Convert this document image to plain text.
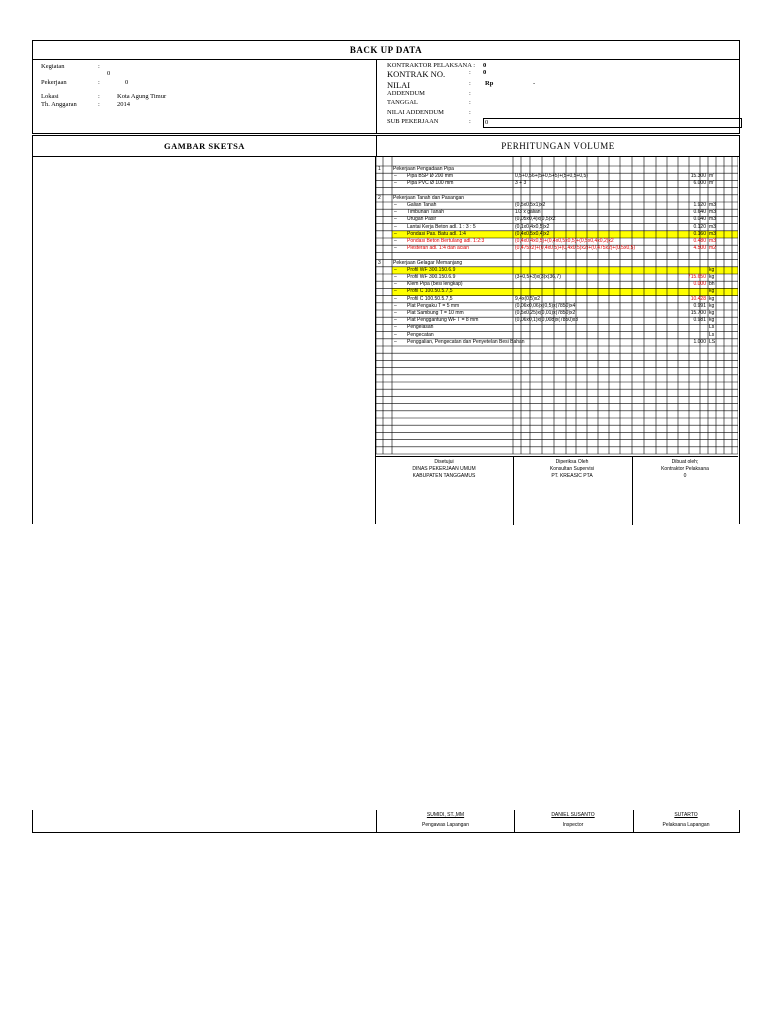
BACK UP DATA
Kegiatan	:
0
Pekerjaan	:	0
Lokasi	:	Kota Agung Timur
Th. Anggaran	:	2014
KONTRAKTOR PELAKSANA : 0
KONTRAK NO.	: 0
NILAI	: Rp	-
ADDENDUM	:
TANGGAL	:
NILAI ADDENDUM	:
SUB PEKERJAAN	:	0
GAMBAR SKETSA	PERHITUNGAN VOLUME
1 Pekerjaan Pengadaan Pipa
– Pipa BSP Ø 200 mm	0,5+0,56+(5+0,5+5)+(5+0,5+0,5)	15.300 m'
– Pipa PVC Ø 100 mm	3 + 3	6.000 m'
2 Pekerjaan Tanah dan Pasangan
– Galian Tanah	(0,5x0,5x1)x2	1.920 m3
– Timbunan Tanah	1/3 x galian	0.640 m3
– Urugan Pasir	(0,05x0,4)x(0,5)x2	0.040 m3
– Lantai Kerja Beton adl. 1 : 3 : 5	(0,1x0,4x0,5)x2	0.120 m3
– Pondasi Pas. Batu adl. 1:4	(0,4x0,5x0,4)x2	0.160 m3
– Pondasi Beton Bertulang adl. 1:2:3	(0,4x0,4x0,5)+(0,4x0,5x0,5)+(0,5x0,4x0,2)x2	0.480 m3
– Plesteran adl. 1:4 dan acian	(0,475x2)+(0,4x0,5)+(0,4x0,5)x2)+(0,475x2)+(0,5x0,5)	4.500 m2
3 Pekerjaan Gelagar Memanjang
– Profil WF 300.150.6.9	kg
– Profil WF 300.150.6.9	(3+0,5+3)x(3)x(36,7)	715.650 kg
– Klem Pipa (besi lengkap)	0.000 bh
– Profil C 100.50.5.7,5	kg
– Profil C 100.50.5.7,5	9,4x(0,5)x2	10.428 kg
– Plat Pengaku T = 5 mm	(0,06x0,06)x(0,5)x(7850)x4	0.991 kg
– Plat Sambung T = 10 mm	(0,5x0,25)x(0,01)x(7850)x2	15.700 kg
– Plat Penggantung WF T = 8 mm	(0,06x0,1)x(0,008)x(7850)x3	0.981 kg
– Pengelasan	Ls
– Pengecatan	Ls
– Penggalian, Pengecatan dan Penyetelan Besi Bahan	1.000 LS
Disetujui
DINAS PEKERJAAN UMUM
KABUPATEN TANGGAMUS
Diperiksa Oleh
Konsultan Supervisi
PT. KREASIC PTA
Dibuat oleh;
Kontraktor Pelaksana
0
SUMIDI, ST.,MM
Pengawas Lapangan
DANIEL SUSANTO
Inspector
SUTARTO
Pelaksana Lapangan
